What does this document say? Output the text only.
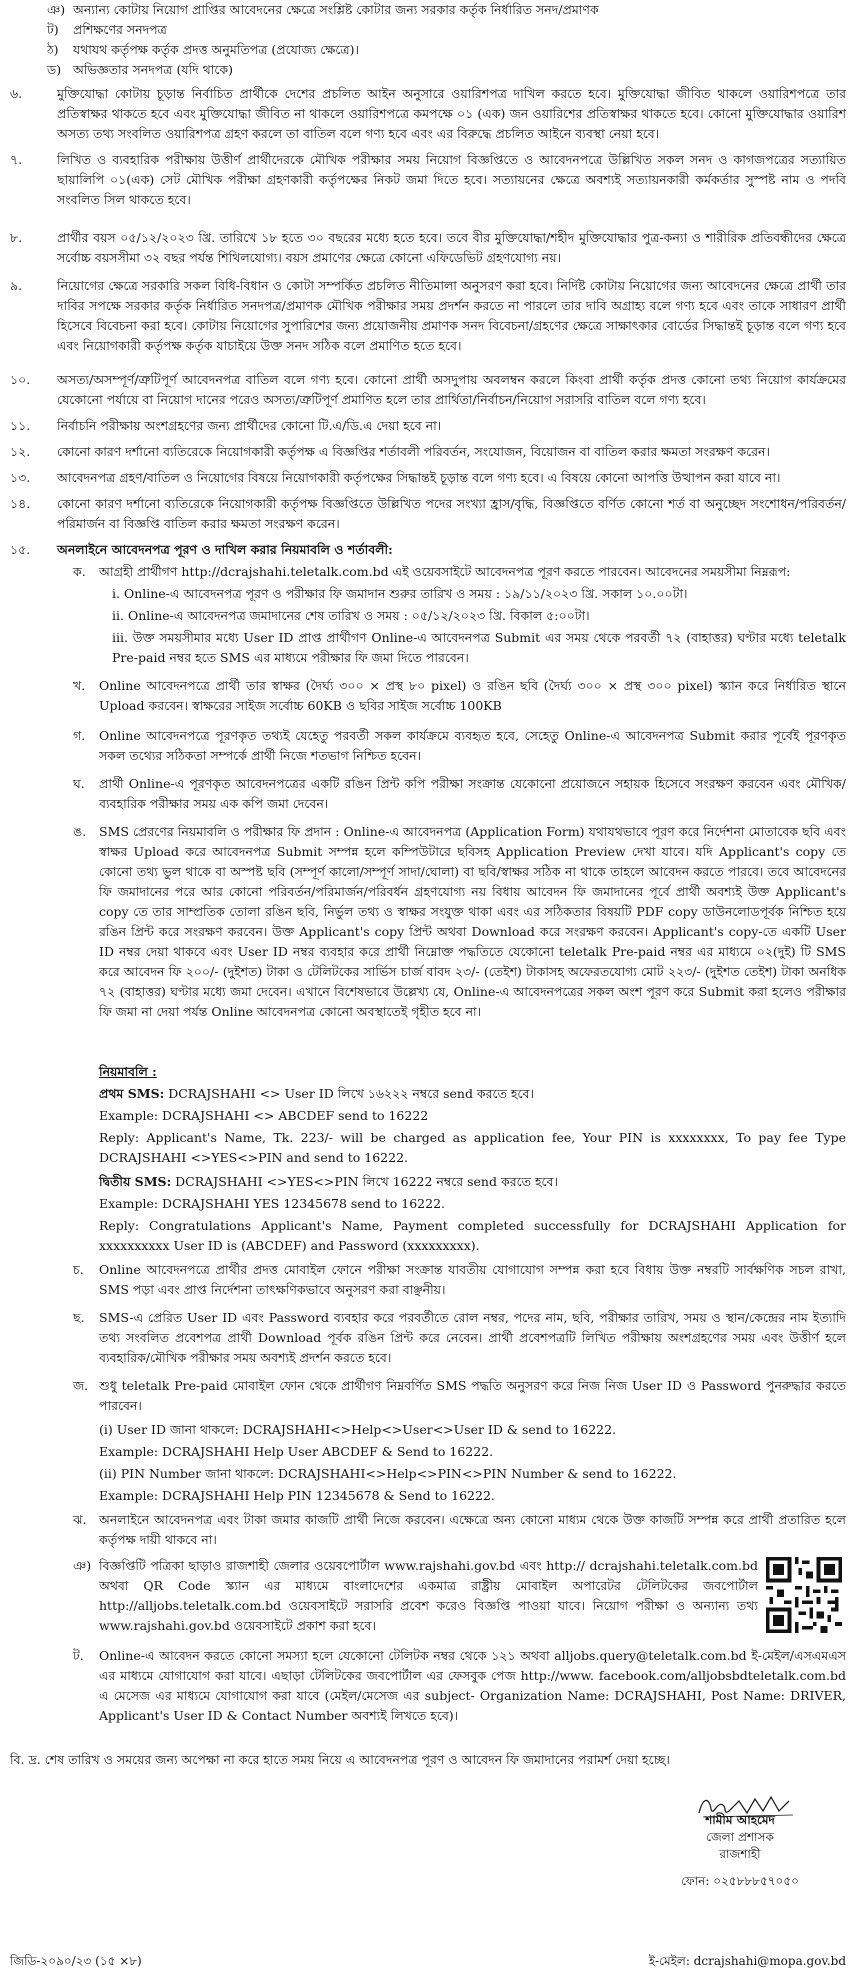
ঞ) অন্যান্য কোটায় নিয়োগ প্রাপ্তির আবেদনের ক্ষেত্রে সংশ্লিষ্ট কোটার জন্য সরকার কর্তৃক নির্ধারিত সনদ/প্রমাণক
ট) প্রশিক্ষণের সনদপত্র
ঠ) যথাযথ কর্তৃপক্ষ কর্তৃক প্রদত্ত অনুমতিপত্র (প্রযোজ্য ক্ষেত্রে)।
ড) অভিজ্ঞতার সনদপত্র (যদি থাকে)
৬.	মুক্তিযোদ্ধা কোটায় চূড়ান্ত নির্বাচিত প্রার্থীকে দেশের প্রচলিত আইন অনুসারে ওয়ারিশপত্র দাখিল করতে হবে। মুক্তিযোদ্ধা জীবিত থাকলে ওয়ারিশপত্রে তার প্রতিস্বাক্ষর থাকতে হবে এবং মুক্তিযোদ্ধা জীবিত না থাকলে ওয়ারিশপত্রে কমপক্ষে ০১ (এক) জন ওয়ারিশের প্রতিস্বাক্ষর থাকতে হবে। কোনো মুক্তিযোদ্ধার ওয়ারিশ অসত্য তথ্য সংবলিত ওয়ারিশপত্র গ্রহণ করলে তা বাতিল বলে গণ্য হবে এবং এর বিরুদ্ধে প্রচলিত আইনে ব্যবস্থা নেয়া হবে।
৭.	লিখিত ও ব্যবহারিক পরীক্ষায় উত্তীর্ণ প্রার্থীদেরকে মৌখিক পরীক্ষার সময় নিয়োগ বিজ্ঞপ্তিতে ও আবেদনপত্রে উল্লিখিত সকল সনদ ও কাগজপত্রের সত্যায়িত ছায়ালিপি ০১(এক) সেট মৌখিক পরীক্ষা গ্রহণকারী কর্তৃপক্ষের নিকট জমা দিতে হবে। সত্যায়নের ক্ষেত্রে অবশ্যই সত্যায়নকারী কর্মকর্তার সুস্পষ্ট নাম ও পদবি সংবলিত সিল থাকতে হবে।
৮.	প্রার্থীর বয়স ০৫/১২/২০২৩ খ্রি. তারিখে ১৮ হতে ৩০ বছরের মধ্যে হতে হবে। তবে বীর মুক্তিযোদ্ধা/শহীদ মুক্তিযোদ্ধার পুত্র-কন্যা ও শারীরিক প্রতিবন্ধীদের ক্ষেত্রে সর্বোচ্চ বয়সসীমা ৩২ বছর পর্যন্ত শিথিলযোগ্য। বয়স প্রমাণের ক্ষেত্রে কোনো এফিডেভিট গ্রহণযোগ্য নয়।
৯.	নিয়োগের ক্ষেত্রে সরকারি সকল বিধি-বিধান ও কোটা সম্পর্কিত প্রচলিত নীতিমালা অনুসরণ করা হবে। নির্দিষ্ট কোটায় নিয়োগের জন্য আবেদনের ক্ষেত্রে প্রার্থী তার দাবির সপক্ষে সরকার কর্তৃক নির্ধারিত সনদপত্র/প্রমাণক মৌখিক পরীক্ষার সময় প্রদর্শন করতে না পারলে তার দাবি অগ্রাহ্য বলে গণ্য হবে এবং তাকে সাধারণ প্রার্থী হিসেবে বিবেচনা করা হবে। কোটায় নিয়োগের সুপারিশের জন্য প্রয়োজনীয় প্রমাণক সনদ বিবেচনা/গ্রহণের ক্ষেত্রে সাক্ষাৎকার বোর্ডের সিদ্ধান্তই চূড়ান্ত বলে গণ্য হবে এবং নিয়োগকারী কর্তৃপক্ষ কর্তৃক যাচাইয়ে উক্ত সনদ সঠিক বলে প্রমাণিত হতে হবে।
১০. অসত্য/অসম্পূর্ণ/ত্রুটিপূর্ণ আবেদনপত্র বাতিল বলে গণ্য হবে। কোনো প্রার্থী অসদুপায় অবলম্বন করলে কিংবা প্রার্থী কর্তৃক প্রদত্ত কোনো তথ্য নিয়োগ কার্যক্রমের যেকোনো পর্যায়ে বা নিয়োগ দানের পরেও অসত্য/ত্রুটিপূর্ণ প্রমাণিত হলে তার প্রার্থিতা/নির্বাচন/নিয়োগ সরাসরি বাতিল বলে গণ্য হবে।
১১. নির্বাচনি পরীক্ষায় অংশগ্রহণের জন্য প্রার্থীদের কোনো টি.এ/ডি.এ দেয়া হবে না।
১২. কোনো কারণ দর্শানো ব্যতিরেকে নিয়োগকারী কর্তৃপক্ষ এ বিজ্ঞপ্তির শর্তাবলী পরিবর্তন, সংযোজন, বিয়োজন বা বাতিল করার ক্ষমতা সংরক্ষণ করেন।
১৩. আবেদনপত্র গ্রহণ/বাতিল ও নিয়োগের বিষয়ে নিয়োগকারী কর্তৃপক্ষের সিদ্ধান্তই চূড়ান্ত বলে গণ্য হবে। এ বিষয়ে কোনো আপত্তি উত্থাপন করা যাবে না।
১৪. কোনো কারণ দর্শানো ব্যতিরেকে নিয়োগকারী কর্তৃপক্ষ বিজ্ঞপ্তিতে উল্লিখিত পদের সংখ্যা হ্রাস/বৃদ্ধি, বিজ্ঞপ্তিতে বর্ণিত কোনো শর্ত বা অনুচ্ছেদ সংশোধন/পরিবর্তন/পরিমার্জন বা বিজ্ঞপ্তি বাতিল করার ক্ষমতা সংরক্ষণ করেন।
১৫. অনলাইনে আবেদনপত্র পূরণ ও দাখিল করার নিয়মাবলি ও শর্তাবলী:
ক. আগ্রহী প্রার্থীগণ http://dcrajshahi.teletalk.com.bd এই ওয়েবসাইটে আবেদনপত্র পূরণ করতে পারবেন। আবেদনের সময়সীমা নিম্নরূপ:
i. Online-এ আবেদনপত্র পূরণ ও পরীক্ষার ফি জমাদান শুরুর তারিখ ও সময় : ১৯/১১/২০২৩ খ্রি. সকাল ১০.০০টা।
ii. Online-এ আবেদনপত্র জমাদানের শেষ তারিখ ও সময় : ০৫/১২/২০২৩ খ্রি. বিকাল ৫:০০টা।
iii. উক্ত সময়সীমার মধ্যে User ID প্রাপ্ত প্রার্থীগণ Online-এ আবেদনপত্র Submit এর সময় থেকে পরবর্তী ৭২ (বাহাত্তর) ঘণ্টার মধ্যে teletalk Pre-paid নম্বর হতে SMS এর মাধ্যমে পরীক্ষার ফি জমা দিতে পারবেন।
খ. Online আবেদনপত্রে প্রার্থী তার স্বাক্ষর (দৈর্ঘ্য ৩০০ × প্রস্থ ৮০ pixel) ও রঙিন ছবি (দৈর্ঘ্য ৩০০ × প্রস্থ ৩০০ pixel) স্ক্যান করে নির্ধারিত স্থানে Upload করবেন। স্বাক্ষরের সাইজ সর্বোচ্চ 60KB ও ছবির সাইজ সর্বোচ্চ 100KB
গ. Online আবেদনপত্রে পূরণকৃত তথ্যই যেহেতু পরবর্তী সকল কার্যক্রমে ব্যবহৃত হবে, সেহেতু Online-এ আবেদনপত্র Submit করার পূর্বেই পূরণকৃত সকল তথ্যের সঠিকতা সম্পর্কে প্রার্থী নিজে শতভাগ নিশ্চিত হবেন।
ঘ. প্রার্থী Online-এ পূরণকৃত আবেদনপত্রের একটি রঙিন প্রিন্ট কপি পরীক্ষা সংক্রান্ত যেকোনো প্রয়োজনে সহায়ক হিসেবে সংরক্ষণ করবেন এবং মৌখিক/ব্যবহারিক পরীক্ষার সময় এক কপি জমা দেবেন।
ঙ. SMS প্রেরণের নিয়মাবলি ও পরীক্ষার ফি প্রদান : Online-এ আবেদনপত্র (Application Form) যথাযথভাবে পূরণ করে নির্দেশনা মোতাবেক ছবি এবং স্বাক্ষর Upload করে আবেদনপত্র Submit সম্পন্ন হলে কম্পিউটারে ছবিসহ Application Preview দেখা যাবে। যদি Applicant's copy তে কোনো তথ্য ভুল থাকে বা অস্পষ্ট ছবি (সম্পূর্ণ কালো/সম্পূর্ণ সাদা/ঘোলা) বা ছবি/স্বাক্ষর সঠিক না থাকে তাহলে আবেদন করতে পারবে। তবে আবেদনের ফি জমাদানের পরে আর কোনো পরিবর্তন/পরিমার্জন/পরিবর্ধন গ্রহণযোগ্য নয় বিধায় আবেদন ফি জমাদানের পূর্বে প্রার্থী অবশ্যই উক্ত Applicant's copy তে তার সাম্প্রতিক তোলা রঙিন ছবি, নির্ভুল তথ্য ও স্বাক্ষর সংযুক্ত থাকা এবং এর সঠিকতার বিষয়টি PDF copy ডাউনলোডপূর্বক নিশ্চিত হয়ে রঙিন প্রিন্ট করে সংরক্ষণ করবেন। উক্ত Applicant's copy প্রিন্ট অথবা Download করে সংরক্ষণ করবেন। Applicant's copy-তে একটি User ID নম্বর দেয়া থাকবে এবং User ID নম্বর ব্যবহার করে প্রার্থী নিম্নোক্ত পদ্ধতিতে যেকোনো teletalk Pre-paid নম্বর এর মাধ্যমে ০২(দুই) টি SMS করে আবেদন ফি ২০০/- (দুইশত) টাকা ও টেলিটকের সার্ভিস চার্জ বাবদ ২৩/- (তেইশ) টাকাসহ অফেরতযোগ্য মোট ২২৩/- (দুইশত তেইশ) টাকা অনধিক ৭২ (বাহাত্তর) ঘণ্টার মধ্যে জমা দেবেন। এখানে বিশেষভাবে উল্লেখ্য যে, Online-এ আবেদনপত্রের সকল অংশ পূরণ করে Submit করা হলেও পরীক্ষার ফি জমা না দেয়া পর্যন্ত Online আবেদনপত্র কোনো অবস্থাতেই গৃহীত হবে না।
নিয়মাবলি :
প্রথম SMS: DCRAJSHAHI <> User ID লিখে ১৬২২২ নম্বরে send করতে হবে।
Example: DCRAJSHAHI <> ABCDEF send to 16222
Reply: Applicant's Name, Tk. 223/- will be charged as application fee, Your PIN is xxxxxxxx, To pay fee Type DCRAJSHAHI <>YES<>PIN and send to 16222.
দ্বিতীয় SMS: DCRAJSHAHI <>YES<>PIN লিখে 16222 নম্বরে send করতে হবে।
Example: DCRAJSHAHI YES 12345678 send to 16222.
Reply: Congratulations Applicant's Name, Payment completed successfully for DCRAJSHAHI Application for xxxxxxxxxx User ID is (ABCDEF) and Password (xxxxxxxxx).
চ. Online আবেদনপত্রে প্রার্থীর প্রদত্ত মোবাইল ফোনে পরীক্ষা সংক্রান্ত যাবতীয় যোগাযোগ সম্পন্ন করা হবে বিধায় উক্ত নম্বরটি সার্বক্ষণিক সচল রাখা, SMS পড়া এবং প্রাপ্ত নির্দেশনা তাৎক্ষণিকভাবে অনুসরণ করা বাঞ্ছনীয়।
ছ. SMS-এ প্রেরিত User ID এবং Password ব্যবহার করে পরবর্তীতে রোল নম্বর, পদের নাম, ছবি, পরীক্ষার তারিখ, সময় ও স্থান/কেন্দ্রের নাম ইত্যাদি তথ্য সংবলিত প্রবেশপত্র প্রার্থী Download পূর্বক রঙিন প্রিন্ট করে নেবেন। প্রার্থী প্রবেশপত্রটি লিখিত পরীক্ষায় অংশগ্রহণের সময় এবং উত্তীর্ণ হলে ব্যবহারিক/মৌখিক পরীক্ষার সময় অবশ্যই প্রদর্শন করতে হবে।
জ. শুধু teletalk Pre-paid মোবাইল ফোন থেকে প্রার্থীগণ নিম্নবর্ণিত SMS পদ্ধতি অনুসরণ করে নিজ নিজ User ID ও Password পুনরুদ্ধার করতে পারবেন।
(i) User ID জানা থাকলে: DCRAJSHAHI<>Help<>User<>User ID & send to 16222.
Example: DCRAJSHAHI Help User ABCDEF & Send to 16222.
(ii) PIN Number জানা থাকলে: DCRAJSHAHI<>Help<>PIN<>PIN Number & send to 16222.
Example: DCRAJSHAHI Help PIN 12345678 & Send to 16222.
ঝ. অনলাইনে আবেদনপত্র এবং টাকা জমার কাজটি প্রার্থী নিজে করবেন। এক্ষেত্রে অন্য কোনো মাধ্যম থেকে উক্ত কাজটি সম্পন্ন করে প্রার্থী প্রতারিত হলে কর্তৃপক্ষ দায়ী থাকবে না।
ঞ) বিজ্ঞপ্তিটি পত্রিকা ছাড়াও রাজশাহী জেলার ওয়েবপোর্টাল www.rajshahi.gov.bd এবং http:// dcrajshahi.teletalk.com.bd অথবা QR Code স্ক্যান এর মাধ্যমে বাংলাদেশের একমাত্র রাষ্ট্রীয় মোবাইল অপারেটর টেলিটকের জবপোর্টাল http://alljobs.teletalk.com.bd ওয়েবসাইটে সরাসরি প্রবেশ করেও বিজ্ঞপ্তি পাওয়া যাবে। নিয়োগ পরীক্ষা ও অন্যান্য তথ্য www.rajshahi.gov.bd ওয়েবসাইটে প্রকাশ করা হবে।
ট. Online-এ আবেদন করতে কোনো সমস্যা হলে যেকোনো টেলিটক নম্বর থেকে ১২১ অথবা alljobs.query@teletalk.com.bd ই-মেইল/এসএমএস এর মাধ্যমে যোগাযোগ করা যাবে। এছাড়া টেলিটকের জবপোর্টাল এর ফেসবুক পেজ http://www. facebook.com/alljobsbdteletalk.com.bd এ মেসেজ এর মাধ্যমে যোগাযোগ করা যাবে (মেইল/মেসেজ এর subject- Organization Name: DCRAJSHAHI, Post Name: DRIVER, Applicant's User ID & Contact Number অবশ্যই লিখতে হবে)।
বি. দ্র. শেষ তারিখ ও সময়ের জন্য অপেক্ষা না করে হাতে সময় নিয়ে এ আবেদনপত্র পূরণ ও আবেদন ফি জমাদানের পরামর্শ দেয়া হচ্ছে।
শামীম আহমেদ
জেলা প্রশাসক
রাজশাহী
ফোন: ০২৫৮৮৮৫৭০৫০
জিডি-২০৯০/২৩ (১৫ ×৮)	ই-মেইল: dcrajshahi@mopa.gov.bd
